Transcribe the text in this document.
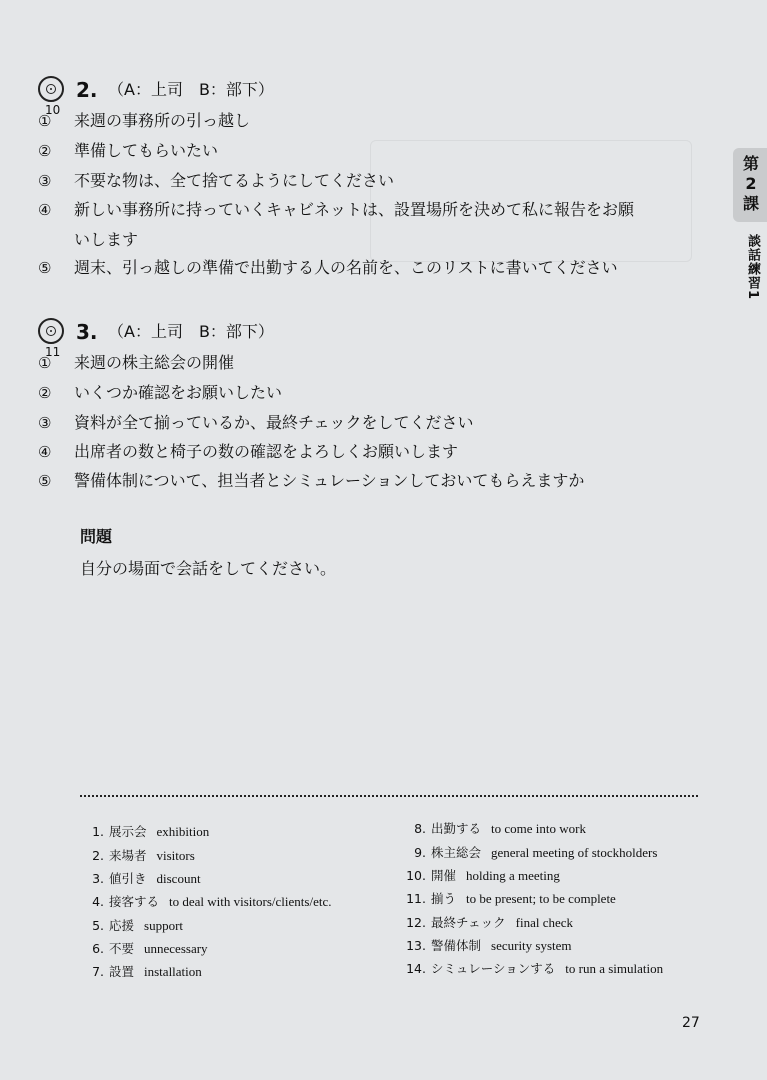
第2課
談話練習1
10
2. （A：上司　B：部下）
① 来週の事務所の引っ越し
② 準備してもらいたい
③ 不要な物は、全て捨てるようにしてください
④ 新しい事務所に持っていくキャビネットは、設置場所を決めて私に報告をお願
いします
⑤ 週末、引っ越しの準備で出勤する人の名前を、このリストに書いてください
11
3. （A：上司　B：部下）
① 来週の株主総会の開催
② いくつか確認をお願いしたい
③ 資料が全て揃っているか、最終チェックをしてください
④ 出席者の数と椅子の数の確認をよろしくお願いします
⑤ 警備体制について、担当者とシミュレーションしておいてもらえますか
問題
自分の場面で会話をしてください。
1. 展示会 exhibition
2. 来場者 visitors
3. 値引き discount
4. 接客する to deal with visitors/clients/etc.
5. 応援 support
6. 不要 unnecessary
7. 設置 installation
8. 出勤する to come into work
9. 株主総会 general meeting of stockholders
10. 開催 holding a meeting
11. 揃う to be present; to be complete
12. 最終チェック final check
13. 警備体制 security system
14. シミュレーションする to run a simulation
27
